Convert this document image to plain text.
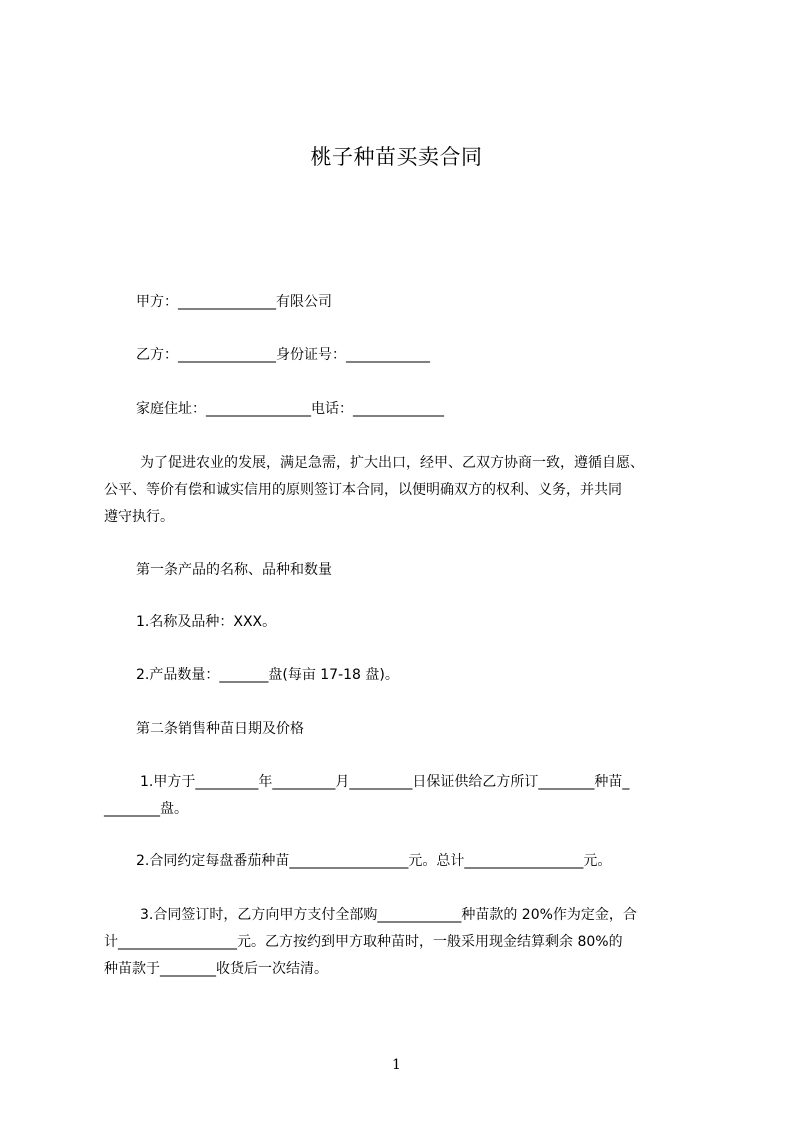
桃子种苗买卖合同
甲方：______________有限公司
乙方：______________身份证号：____________
家庭住址：_______________电话：_____________
为了促进农业的发展，满足急需，扩大出口，经甲、乙双方协商一致，遵循自愿、
公平、等价有偿和诚实信用的原则签订本合同，以便明确双方的权利、义务，并共同
遵守执行。
第一条产品的名称、品种和数量
1.名称及品种：XXX。
2.产品数量：_______盘(每亩 17-18 盘)。
第二条销售种苗日期及价格
1.甲方于_________年_________月_________日保证供给乙方所订________种苗_
________盘。
2.合同约定每盘番茄种苗_________________元。总计_________________元。
3.合同签订时，乙方向甲方支付全部购____________种苗款的 20%作为定金，合
计_________________元。乙方按约到甲方取种苗时，一般采用现金结算剩余 80%的
种苗款于________收货后一次结清。
1
